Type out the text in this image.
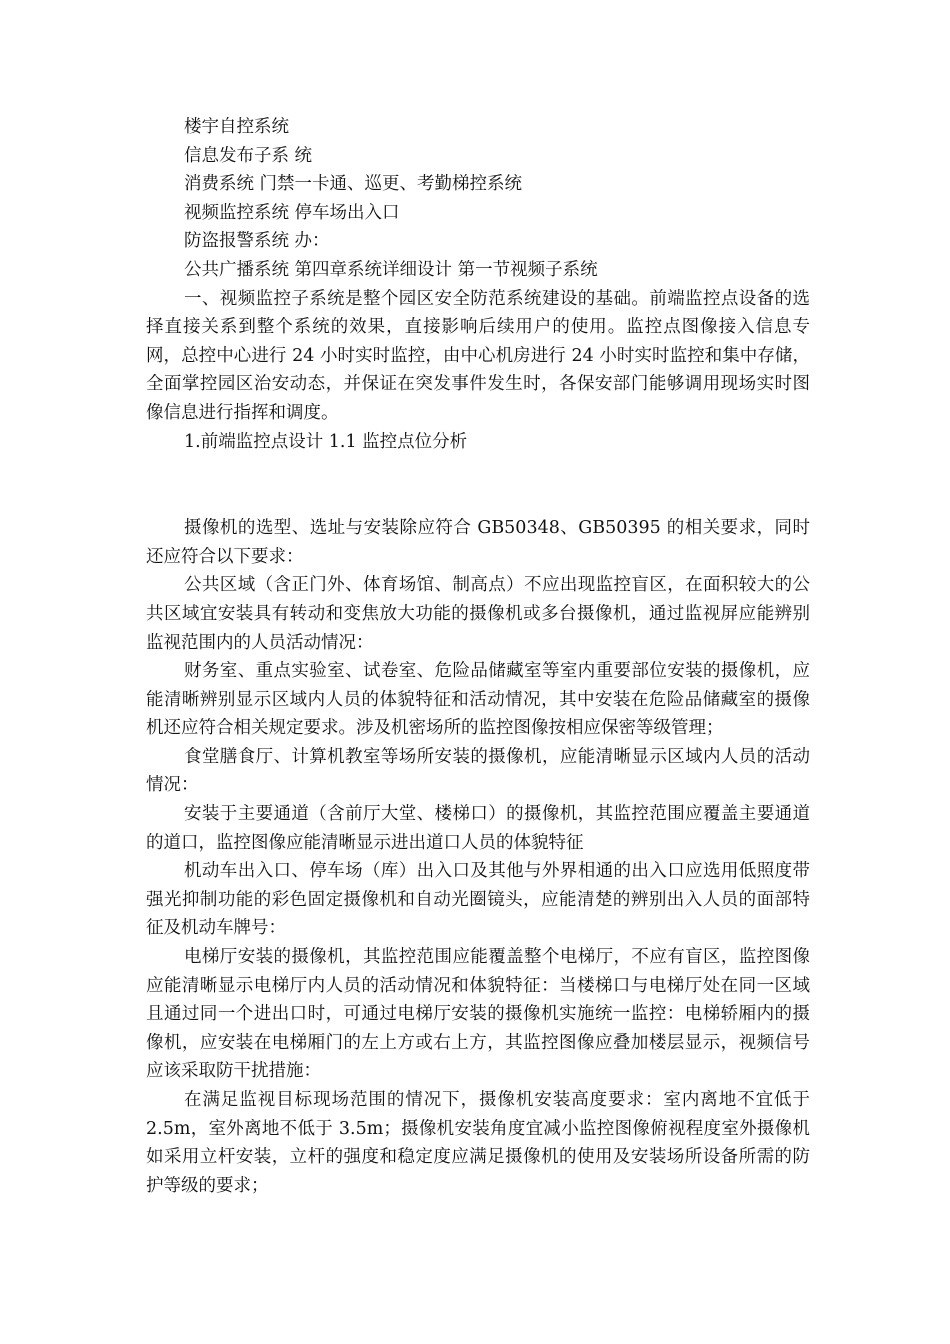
楼宇自控系统

信息发布子系 统

消费系统 门禁一卡通、巡更、考勤梯控系统

视频监控系统 停车场出入口

防盗报警系统 办：

公共广播系统 第四章系统详细设计 第一节视频子系统

一、视频监控子系统是整个园区安全防范系统建设的基础。前端监控点设备的选择直接关系到整个系统的效果，直接影响后续用户的使用。监控点图像接入信息专网，总控中心进行 24 小时实时监控，由中心机房进行 24 小时实时监控和集中存储，全面掌控园区治安动态，并保证在突发事件发生时，各保安部门能够调用现场实时图像信息进行指挥和调度。

1.前端监控点设计 1.1 监控点位分析

摄像机的选型、选址与安装除应符合 GB50348、GB50395 的相关要求，同时还应符合以下要求：

公共区域（含正门外、体育场馆、制高点）不应出现监控盲区，在面积较大的公共区域宜安装具有转动和变焦放大功能的摄像机或多台摄像机，通过监视屏应能辨别监视范围内的人员活动情况：

财务室、重点实验室、试卷室、危险品储藏室等室内重要部位安装的摄像机，应能清晰辨别显示区域内人员的体貌特征和活动情况，其中安装在危险品储藏室的摄像机还应符合相关规定要求。涉及机密场所的监控图像按相应保密等级管理；

食堂膳食厅、计算机教室等场所安装的摄像机，应能清晰显示区域内人员的活动情况：

安装于主要通道（含前厅大堂、楼梯口）的摄像机，其监控范围应覆盖主要通道的道口，监控图像应能清晰显示进出道口人员的体貌特征

机动车出入口、停车场（库）出入口及其他与外界相通的出入口应选用低照度带强光抑制功能的彩色固定摄像机和自动光圈镜头，应能清楚的辨别出入人员的面部特征及机动车牌号：

电梯厅安装的摄像机，其监控范围应能覆盖整个电梯厅，不应有盲区，监控图像应能清晰显示电梯厅内人员的活动情况和体貌特征：当楼梯口与电梯厅处在同一区域且通过同一个进出口时，可通过电梯厅安装的摄像机实施统一监控：电梯轿厢内的摄像机，应安装在电梯厢门的左上方或右上方，其监控图像应叠加楼层显示，视频信号应该采取防干扰措施：

在满足监视目标现场范围的情况下，摄像机安装高度要求：室内离地不宜低于 2.5m，室外离地不低于 3.5m；摄像机安装角度宜减小监控图像俯视程度室外摄像机如采用立杆安装，立杆的强度和稳定度应满足摄像机的使用及安装场所设备所需的防护等级的要求；
